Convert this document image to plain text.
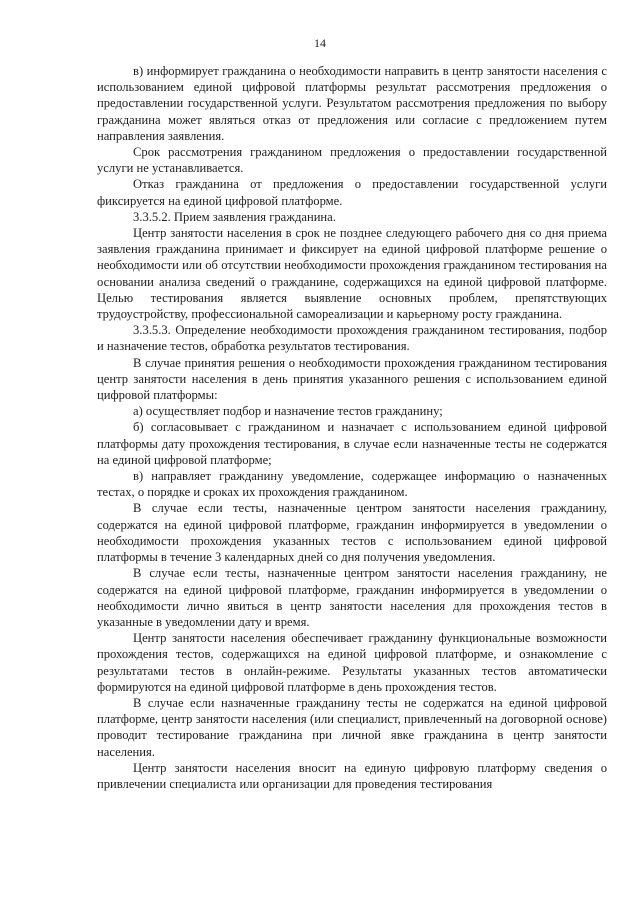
14

в) информирует гражданина о необходимости направить в центр занятости населения с использованием единой цифровой платформы результат рассмотрения предложения о предоставлении государственной услуги. Результатом рассмотрения предложения по выбору гражданина может являться отказ от предложения или согласие с предложением путем направления заявления.

Срок рассмотрения гражданином предложения о предоставлении государственной услуги не устанавливается.

Отказ гражданина от предложения о предоставлении государственной услуги фиксируется на единой цифровой платформе.

3.3.5.2. Прием заявления гражданина.

Центр занятости населения в срок не позднее следующего рабочего дня со дня приема заявления гражданина принимает и фиксирует на единой цифровой платформе решение о необходимости или об отсутствии необходимости прохождения гражданином тестирования на основании анализа сведений о гражданине, содержащихся на единой цифровой платформе. Целью тестирования является выявление основных проблем, препятствующих трудоустройству, профессиональной самореализации и карьерному росту гражданина.

3.3.5.3. Определение необходимости прохождения гражданином тестирования, подбор и назначение тестов, обработка результатов тестирования.

В случае принятия решения о необходимости прохождения гражданином тестирования центр занятости населения в день принятия указанного решения с использованием единой цифровой платформы:

а) осуществляет подбор и назначение тестов гражданину;

б) согласовывает с гражданином и назначает с использованием единой цифровой платформы дату прохождения тестирования, в случае если назначенные тесты не содержатся на единой цифровой платформе;

в) направляет гражданину уведомление, содержащее информацию о назначенных тестах, о порядке и сроках их прохождения гражданином.

В случае если тесты, назначенные центром занятости населения гражданину, содержатся на единой цифровой платформе, гражданин информируется в уведомлении о необходимости прохождения указанных тестов с использованием единой цифровой платформы в течение 3 календарных дней со дня получения уведомления.

В случае если тесты, назначенные центром занятости населения гражданину, не содержатся на единой цифровой платформе, гражданин информируется в уведомлении о необходимости лично явиться в центр занятости населения для прохождения тестов в указанные в уведомлении дату и время.

Центр занятости населения обеспечивает гражданину функциональные возможности прохождения тестов, содержащихся на единой цифровой платформе, и ознакомление с результатами тестов в онлайн-режиме. Результаты указанных тестов автоматически формируются на единой цифровой платформе в день прохождения тестов.

В случае если назначенные гражданину тесты не содержатся на единой цифровой платформе, центр занятости населения (или специалист, привлеченный на договорной основе) проводит тестирование гражданина при личной явке гражданина в центр занятости населения.

Центр занятости населения вносит на единую цифровую платформу сведения о привлечении специалиста или организации для проведения тестирования
